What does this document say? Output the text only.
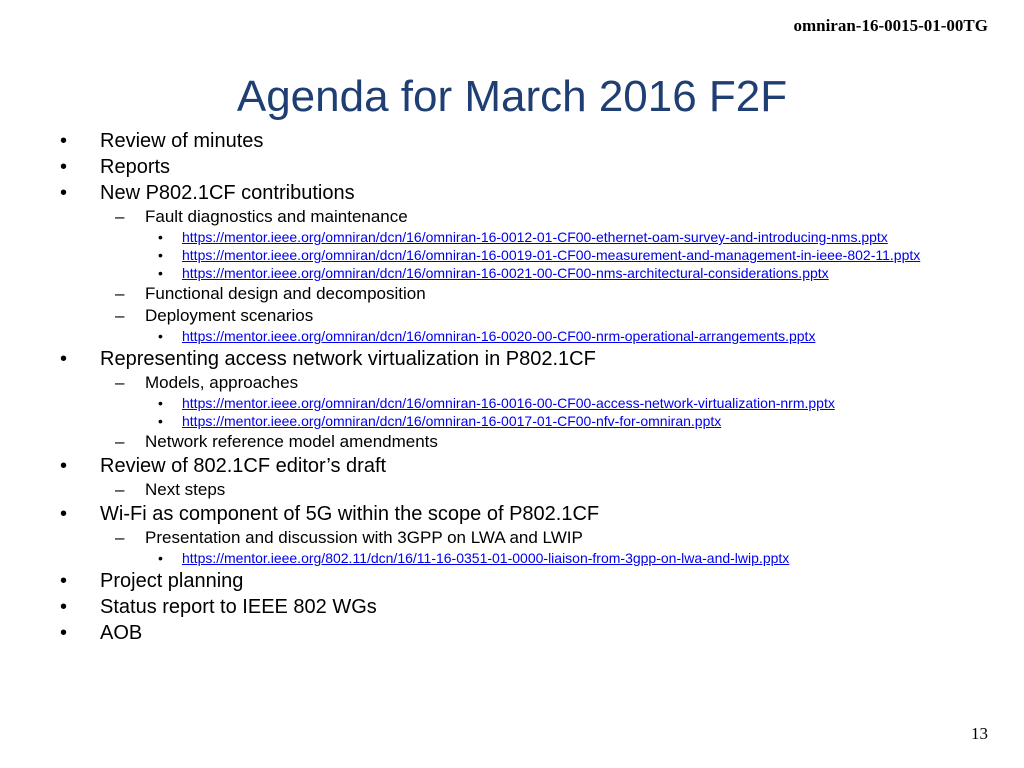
omniran-16-0015-01-00TG
Agenda for March 2016 F2F
• Review of minutes
• Reports
• New P802.1CF contributions
– Fault diagnostics and maintenance
• https://mentor.ieee.org/omniran/dcn/16/omniran-16-0012-01-CF00-ethernet-oam-survey-and-introducing-nms.pptx
• https://mentor.ieee.org/omniran/dcn/16/omniran-16-0019-01-CF00-measurement-and-management-in-ieee-802-11.pptx
• https://mentor.ieee.org/omniran/dcn/16/omniran-16-0021-00-CF00-nms-architectural-considerations.pptx
– Functional design and decomposition
– Deployment scenarios
• https://mentor.ieee.org/omniran/dcn/16/omniran-16-0020-00-CF00-nrm-operational-arrangements.pptx
• Representing access network virtualization in P802.1CF
– Models, approaches
• https://mentor.ieee.org/omniran/dcn/16/omniran-16-0016-00-CF00-access-network-virtualization-nrm.pptx
• https://mentor.ieee.org/omniran/dcn/16/omniran-16-0017-01-CF00-nfv-for-omniran.pptx
– Network reference model amendments
• Review of 802.1CF editor’s draft
– Next steps
• Wi-Fi as component of 5G within the scope of P802.1CF
– Presentation and discussion with 3GPP on LWA and LWIP
• https://mentor.ieee.org/802.11/dcn/16/11-16-0351-01-0000-liaison-from-3gpp-on-lwa-and-lwip.pptx
• Project planning
• Status report to IEEE 802 WGs
• AOB
13
